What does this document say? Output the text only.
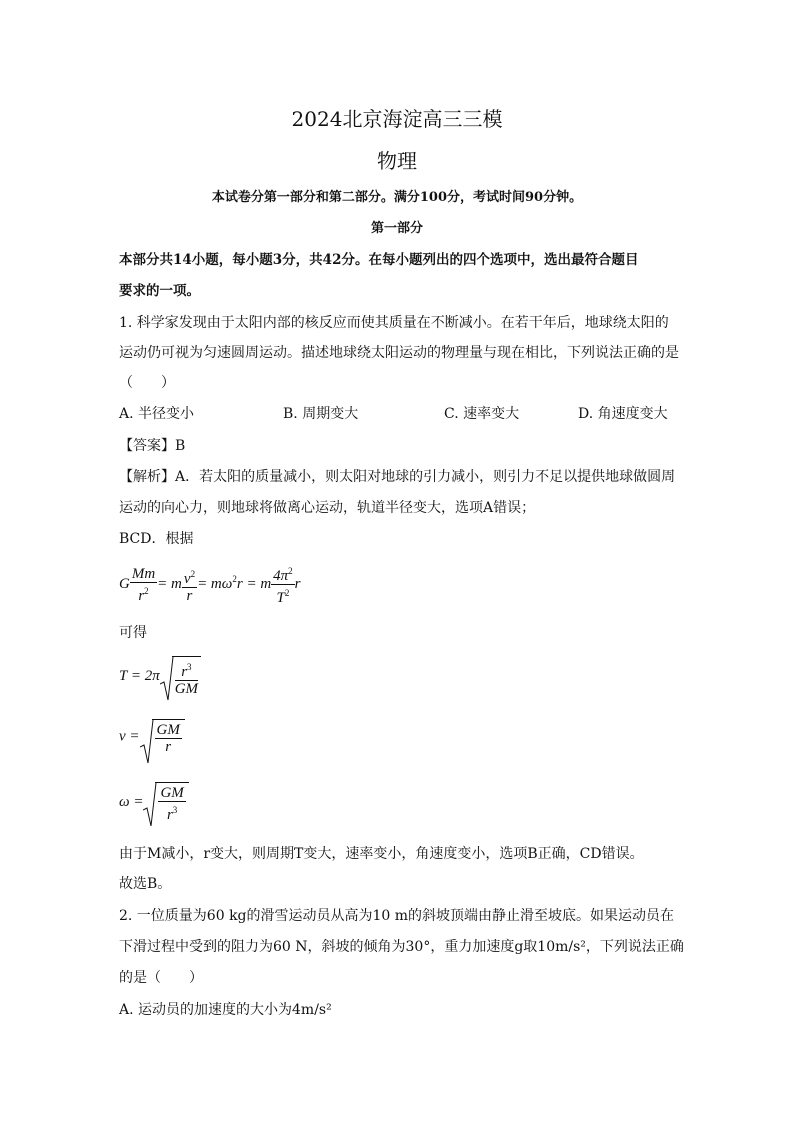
2024北京海淀高三三模
物理
本试卷分第一部分和第二部分。满分100分，考试时间90分钟。
第一部分
本部分共14小题，每小题3分，共42分。在每小题列出的四个选项中，选出最符合题目
要求的一项。
1. 科学家发现由于太阳内部的核反应而使其质量在不断减小。在若干年后，地球绕太阳的
运动仍可视为匀速圆周运动。描述地球绕太阳运动的物理量与现在相比，下列说法正确的是
（　　）
A. 半径变小	B. 周期变大	C. 速率变大	D. 角速度变大
【答案】B
【解析】A．若太阳的质量减小，则太阳对地球的引力减小，则引力不足以提供地球做圆周
运动的向心力，则地球将做离心运动，轨道半径变大，选项A错误；
BCD．根据
G $\frac{Mm}{r^2} = m \frac{v^2}{r} = m\omega^2r = m \frac{4\pi^2}{T^2}$ r
可得
$T = 2\pi \frac{r^3}{GM}$
$v = \frac{GM}{r}$
$\omega = \frac{GM}{r^3}$
由于M减小，r变大，则周期T变大，速率变小，角速度变小，选项B正确，CD错误。
故选B。
2. 一位质量为60 kg的滑雪运动员从高为10 m的斜坡顶端由静止滑至坡底。如果运动员在
下滑过程中受到的阻力为60 N，斜坡的倾角为30°，重力加速度g取10m/s²，下列说法正确
的是（　　）
A. 运动员的加速度的大小为4m/s²
